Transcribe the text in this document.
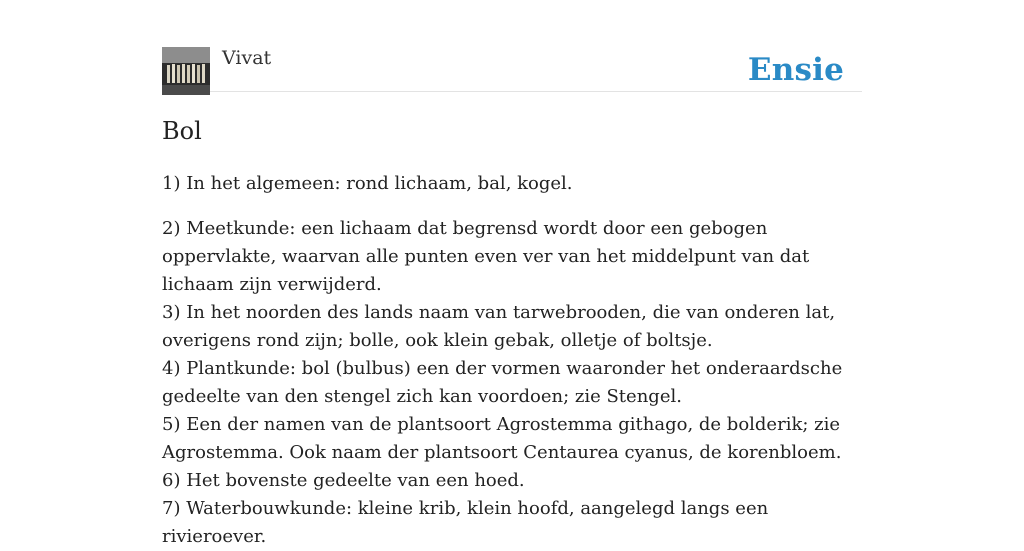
Vivat	Ensie
Bol

1) In het algemeen: rond lichaam, bal, kogel.

2) Meetkunde: een lichaam dat begrensd wordt door een gebogen oppervlakte, waarvan alle punten even ver van het middelpunt van dat lichaam zijn verwijderd.
3) In het noorden des lands naam van tarwebrooden, die van onderen lat, overigens rond zijn; bolle, ook klein gebak, olletje of boltsje.
4) Plantkunde: bol (bulbus) een der vormen waaronder het onderaardsche gedeelte van den stengel zich kan voordoen; zie Stengel.
5) Een der namen van de plantsoort Agrostemma githago, de bolderik; zie Agrostemma. Ook naam der plantsoort Centaurea cyanus, de korenbloem.
6) Het bovenste gedeelte van een hoed.
7) Waterbouwkunde: kleine krib, klein hoofd, aangelegd langs een rivieroever.
